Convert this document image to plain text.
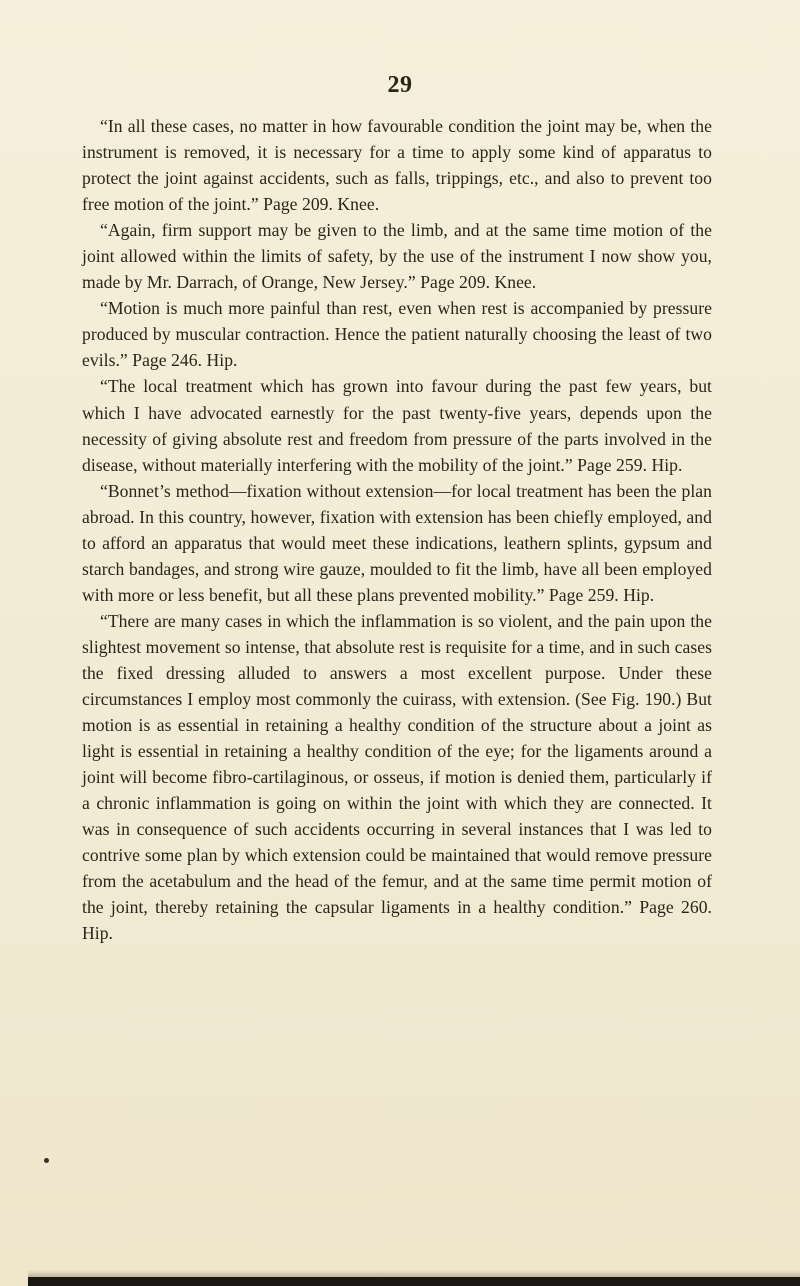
29

“In all these cases, no matter in how favourable condition the joint may be, when the instrument is removed, it is necessary for a time to apply some kind of apparatus to protect the joint against accidents, such as falls, trippings, etc., and also to prevent too free motion of the joint.” Page 209. Knee.

“Again, firm support may be given to the limb, and at the same time motion of the joint allowed within the limits of safety, by the use of the instrument I now show you, made by Mr. Darrach, of Orange, New Jersey.” Page 209. Knee.

“Motion is much more painful than rest, even when rest is accompanied by pressure produced by muscular contraction. Hence the patient naturally choosing the least of two evils.” Page 246. Hip.

“The local treatment which has grown into favour during the past few years, but which I have advocated earnestly for the past twenty-five years, depends upon the necessity of giving absolute rest and freedom from pressure of the parts involved in the disease, without materially interfering with the mobility of the joint.” Page 259. Hip.

“Bonnet’s method—fixation without extension—for local treatment has been the plan abroad. In this country, however, fixation with extension has been chiefly employed, and to afford an apparatus that would meet these indications, leathern splints, gypsum and starch bandages, and strong wire gauze, moulded to fit the limb, have all been employed with more or less benefit, but all these plans prevented mobility.” Page 259. Hip.

“There are many cases in which the inflammation is so violent, and the pain upon the slightest movement so intense, that absolute rest is requisite for a time, and in such cases the fixed dressing alluded to answers a most excellent purpose. Under these circumstances I employ most commonly the cuirass, with extension. (See Fig. 190.) But motion is as essential in retaining a healthy condition of the structure about a joint as light is essential in retaining a healthy condition of the eye; for the ligaments around a joint will become fibro-cartilaginous, or osseus, if motion is denied them, particularly if a chronic inflammation is going on within the joint with which they are connected. It was in consequence of such accidents occurring in several instances that I was led to contrive some plan by which extension could be maintained that would remove pressure from the acetabulum and the head of the femur, and at the same time permit motion of the joint, thereby retaining the capsular ligaments in a healthy condition.” Page 260. Hip.
